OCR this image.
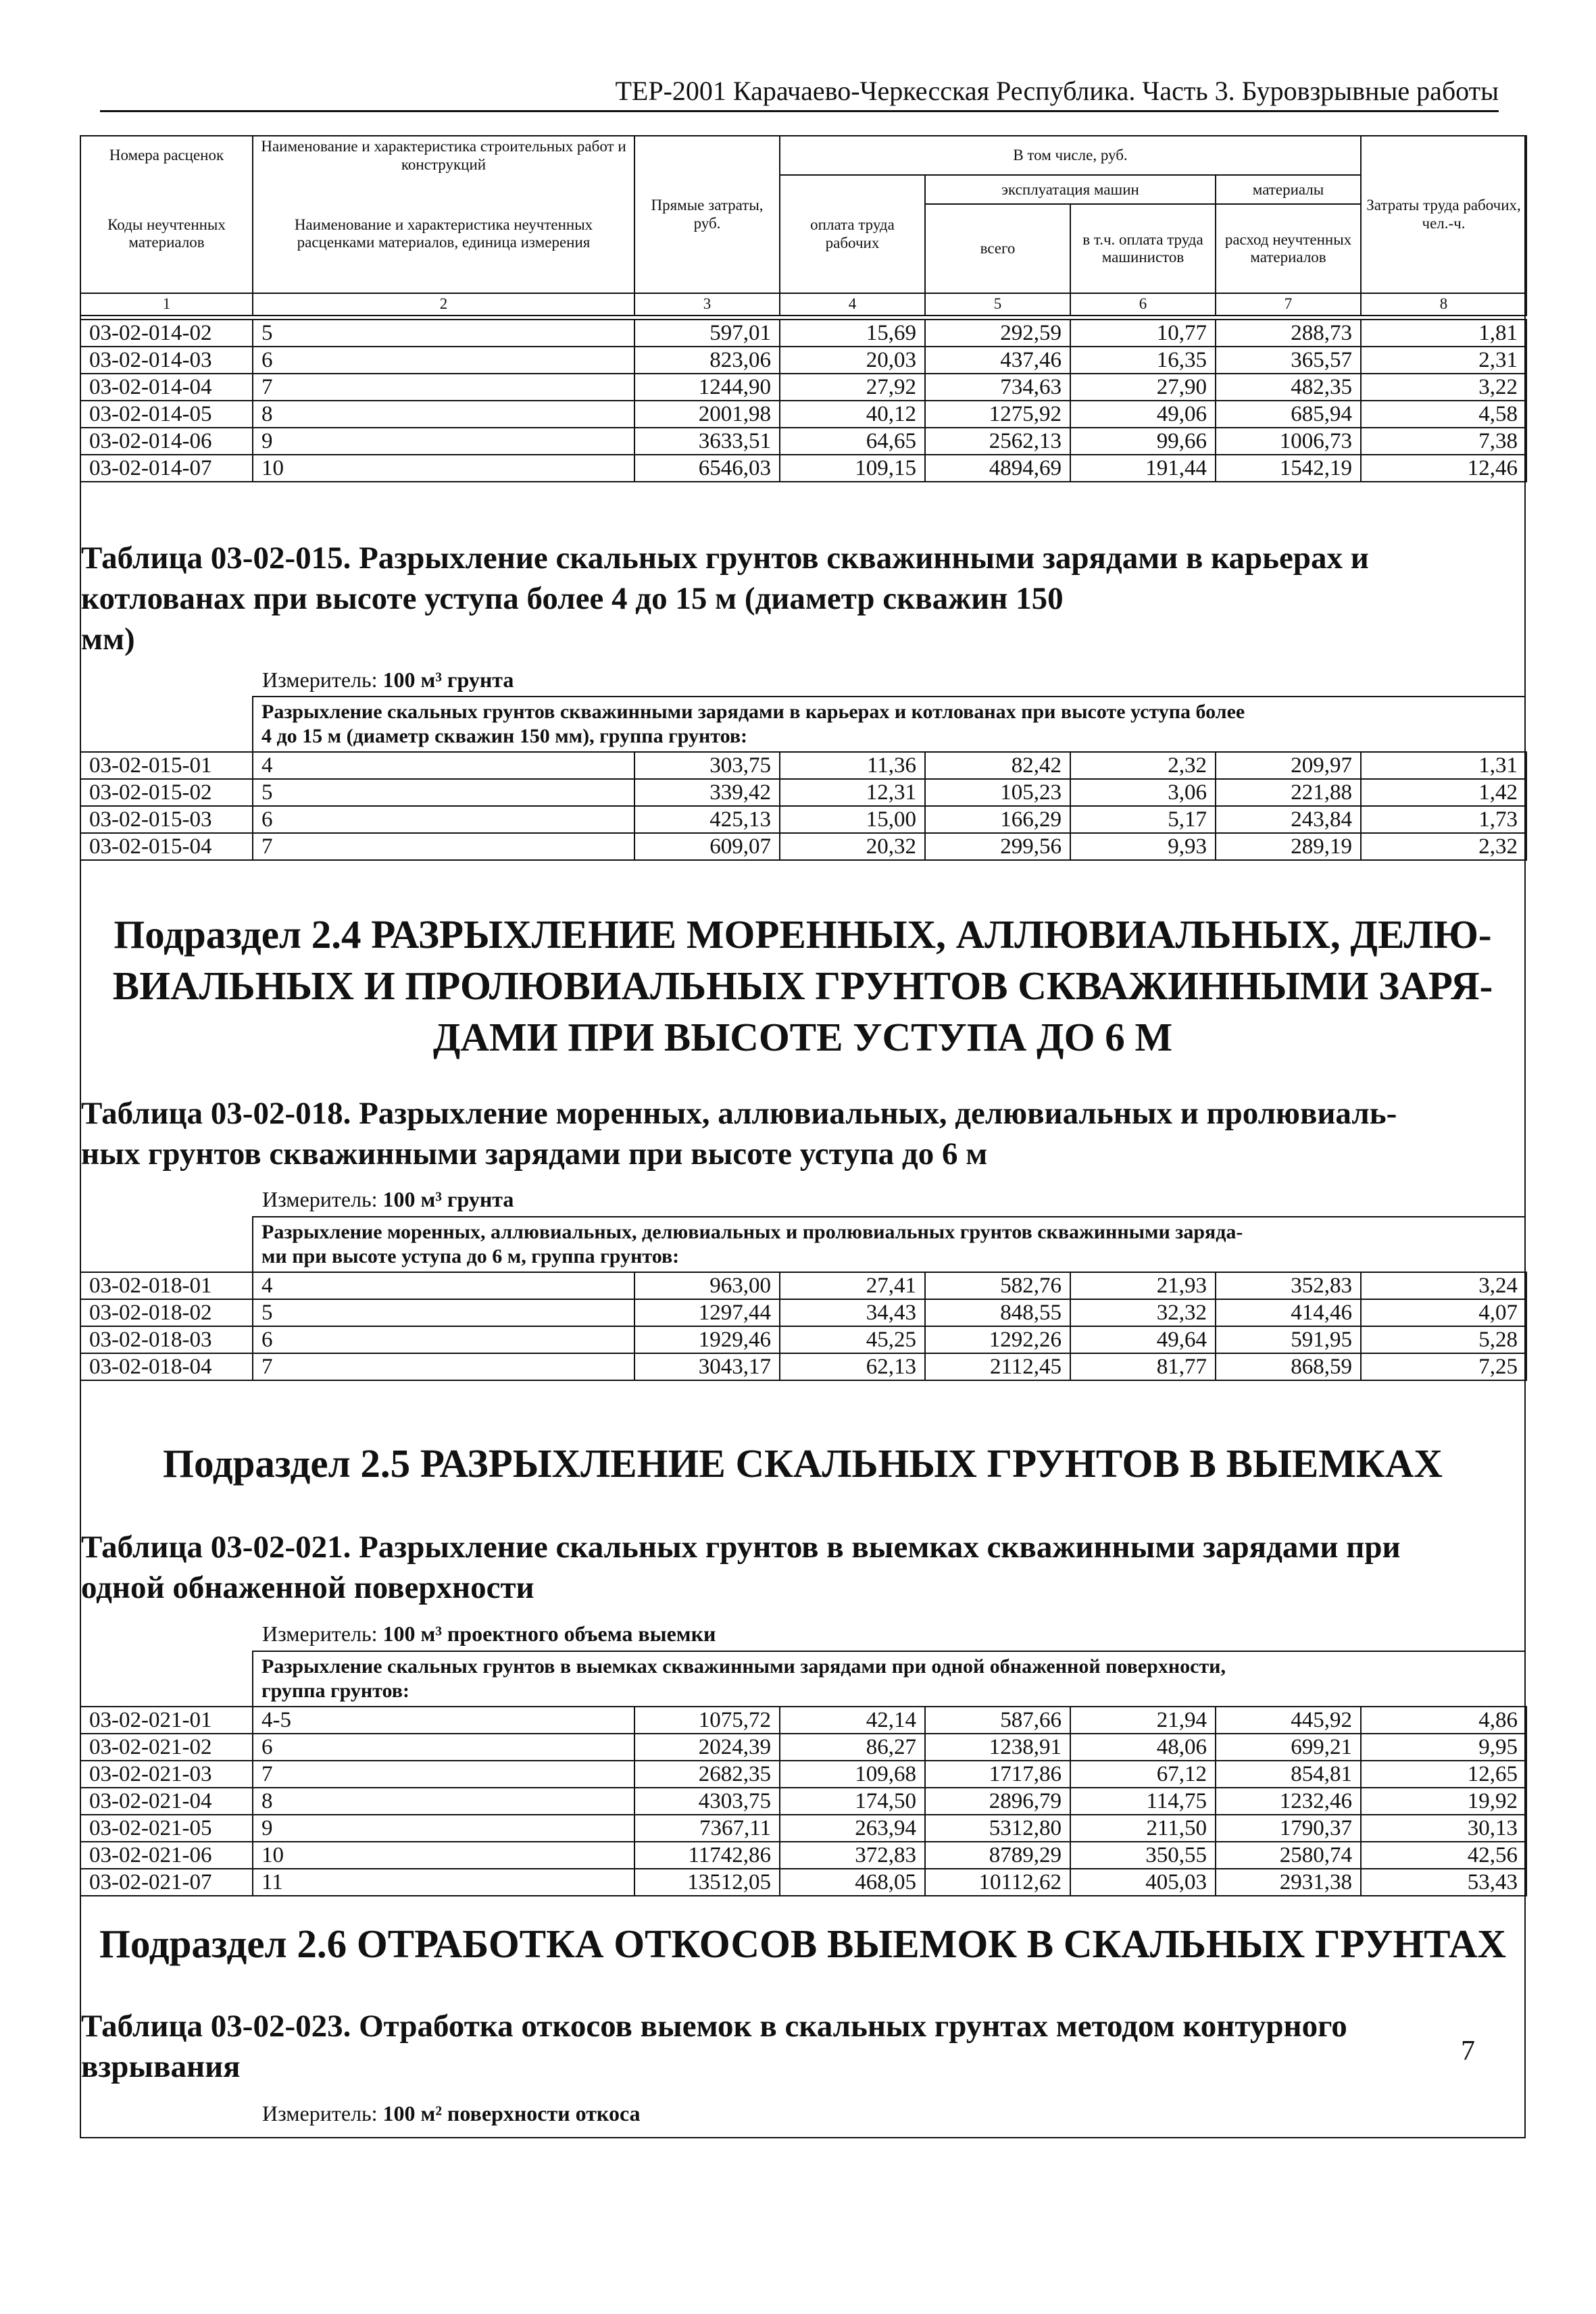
ТЕР-2001 Карачаево-Черкесская Республика. Часть 3. Буровзрывные работы
Номера расценок	Наименование и характеристика строительных работ и конструкций	Прямые затраты, руб.	В том числе, руб.				Затраты труда рабочих, чел.-ч.
Коды неучтенных материалов	Наименование и характеристика неучтенных расценками материалов, единица измерения		оплата труда рабочих	эксплуатация машин		материалы	
				всего	в т.ч. оплата труда машинистов	расход неучтенных материалов	
1	2	3	4	5	6	7	8
03-02-014-02	5	597,01	15,69	292,59	10,77	288,73	1,81
03-02-014-03	6	823,06	20,03	437,46	16,35	365,57	2,31
03-02-014-04	7	1244,90	27,92	734,63	27,90	482,35	3,22
03-02-014-05	8	2001,98	40,12	1275,92	49,06	685,94	4,58
03-02-014-06	9	3633,51	64,65	2562,13	99,66	1006,73	7,38
03-02-014-07	10	6546,03	109,15	4894,69	191,44	1542,19	12,46
Таблица 03-02-015. Разрыхление скальных грунтов скважинными зарядами в карьерах и
котлованах при высоте уступа более 4 до 15 м (диаметр скважин 150
мм)
Измеритель: 100 м³ грунта
Разрыхление скальных грунтов скважинными зарядами в карьерах и котлованах при высоте уступа более
4 до 15 м (диаметр скважин 150 мм), группа грунтов:
03-02-015-01	4	303,75	11,36	82,42	2,32	209,97	1,31
03-02-015-02	5	339,42	12,31	105,23	3,06	221,88	1,42
03-02-015-03	6	425,13	15,00	166,29	5,17	243,84	1,73
03-02-015-04	7	609,07	20,32	299,56	9,93	289,19	2,32
Подраздел 2.4 РАЗРЫХЛЕНИЕ МОРЕННЫХ, АЛЛЮВИАЛЬНЫХ, ДЕЛЮ-
ВИАЛЬНЫХ И ПРОЛЮВИАЛЬНЫХ ГРУНТОВ СКВАЖИННЫМИ ЗАРЯ-
ДАМИ ПРИ ВЫСОТЕ УСТУПА ДО 6 М
Таблица 03-02-018. Разрыхление моренных, аллювиальных, делювиальных и пролювиаль-
ных грунтов скважинными зарядами при высоте уступа до 6 м
Измеритель: 100 м³ грунта
Разрыхление моренных, аллювиальных, делювиальных и пролювиальных грунтов скважинными заряда-
ми при высоте уступа до 6 м, группа грунтов:
03-02-018-01	4	963,00	27,41	582,76	21,93	352,83	3,24
03-02-018-02	5	1297,44	34,43	848,55	32,32	414,46	4,07
03-02-018-03	6	1929,46	45,25	1292,26	49,64	591,95	5,28
03-02-018-04	7	3043,17	62,13	2112,45	81,77	868,59	7,25
Подраздел 2.5 РАЗРЫХЛЕНИЕ СКАЛЬНЫХ ГРУНТОВ В ВЫЕМКАХ
Таблица 03-02-021. Разрыхление скальных грунтов в выемках скважинными зарядами при
одной обнаженной поверхности
Измеритель: 100 м³ проектного объема выемки
Разрыхление скальных грунтов в выемках скважинными зарядами при одной обнаженной поверхности,
группа грунтов:
03-02-021-01	4-5	1075,72	42,14	587,66	21,94	445,92	4,86
03-02-021-02	6	2024,39	86,27	1238,91	48,06	699,21	9,95
03-02-021-03	7	2682,35	109,68	1717,86	67,12	854,81	12,65
03-02-021-04	8	4303,75	174,50	2896,79	114,75	1232,46	19,92
03-02-021-05	9	7367,11	263,94	5312,80	211,50	1790,37	30,13
03-02-021-06	10	11742,86	372,83	8789,29	350,55	2580,74	42,56
03-02-021-07	11	13512,05	468,05	10112,62	405,03	2931,38	53,43
Подраздел 2.6 ОТРАБОТКА ОТКОСОВ ВЫЕМОК В СКАЛЬНЫХ ГРУНТАХ
Таблица 03-02-023. Отработка откосов выемок в скальных грунтах методом контурного
взрывания
Измеритель: 100 м² поверхности откоса
7
